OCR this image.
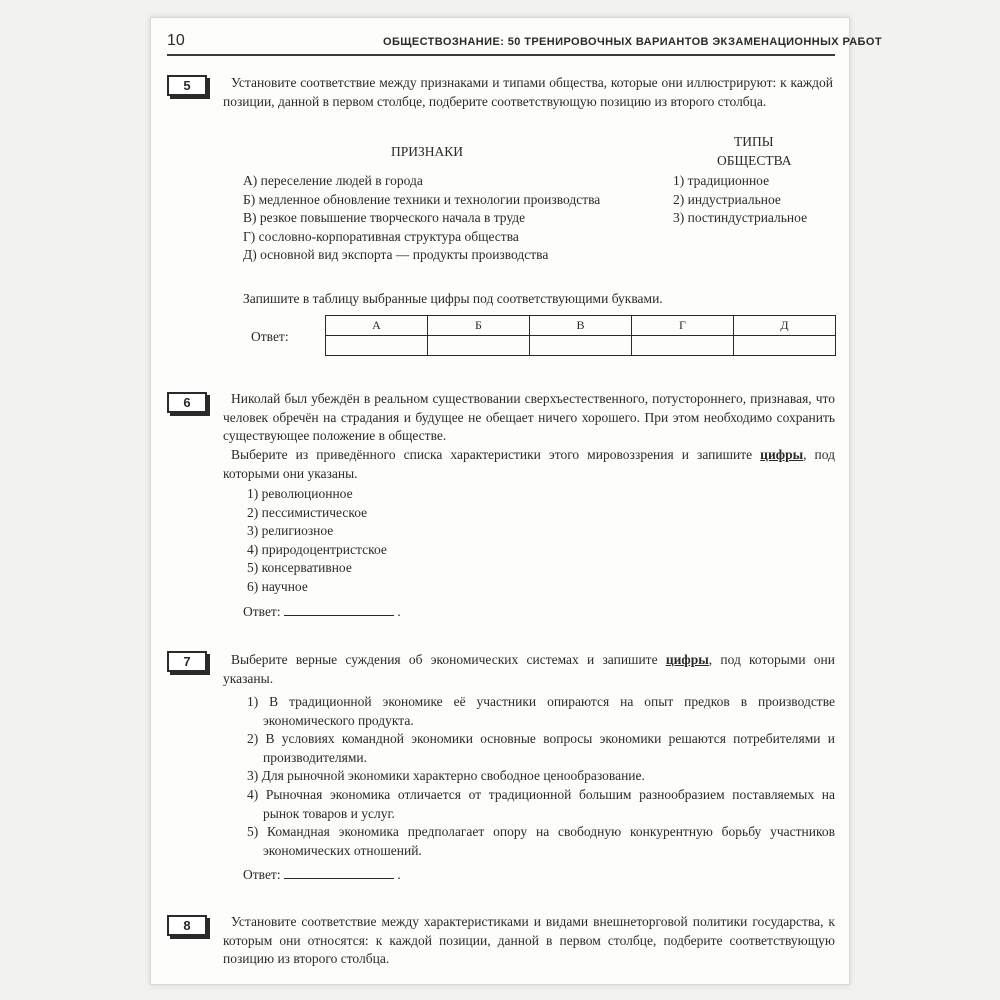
10	ОБЩЕСТВОЗНАНИЕ: 50 ТРЕНИРОВОЧНЫХ ВАРИАНТОВ ЭКЗАМЕНАЦИОННЫХ РАБОТ
5	Установите соответствие между признаками и типами общества, которые они иллюстрируют: к каждой позиции, данной в первом столбце, подберите соответствующую позицию из второго столбца.
ПРИЗНАКИ
ТИПЫ
ОБЩЕСТВА
А) переселение людей в города
Б) медленное обновление техники и технологии производства
В) резкое повышение творческого начала в труде
Г) сословно-корпоративная структура общества
Д) основной вид экспорта — продукты производства
1) традиционное
2) индустриальное
3) постиндустриальное
Запишите в таблицу выбранные цифры под соответствующими буквами.
Ответ:
А	Б	В	Г	Д

6	Николай был убеждён в реальном существовании сверхъестественного, потустороннего, признавая, что человек обречён на страдания и будущее не обещает ничего хорошего. При этом необходимо сохранить существующее положение в обществе.
Выберите из приведённого списка характеристики этого мировоззрения и запишите цифры, под которыми они указаны.
1) революционное
2) пессимистическое
3) религиозное
4) природоцентристское
5) консервативное
6) научное
Ответ:	.
7	Выберите верные суждения об экономических системах и запишите цифры, под которыми они указаны.
1) В традиционной экономике её участники опираются на опыт предков в производстве экономического продукта.
2) В условиях командной экономики основные вопросы экономики решаются потребителями и производителями.
3) Для рыночной экономики характерно свободное ценообразование.
4) Рыночная экономика отличается от традиционной большим разнообразием поставляемых на рынок товаров и услуг.
5) Командная экономика предполагает опору на свободную конкурентную борьбу участников экономических отношений.
Ответ:	.
8	Установите соответствие между характеристиками и видами внешнеторговой политики государства, к которым они относятся: к каждой позиции, данной в первом столбце, подберите соответствующую позицию из второго столбца.
